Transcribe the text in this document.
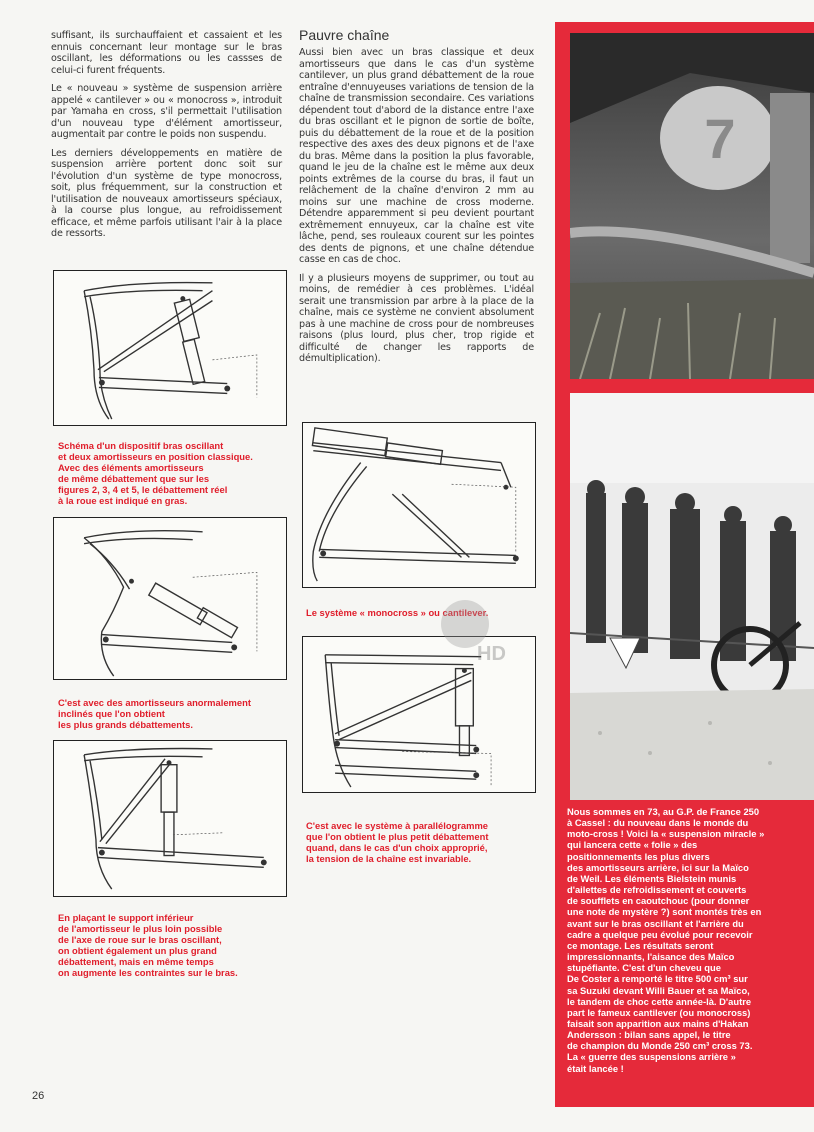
suffisant, ils surchauffaient et cassaient et les ennuis concernant leur montage sur le bras oscillant, les déformations ou les cassses de celui-ci furent fréquents.

Le « nouveau » système de suspension arrière appelé « cantilever » ou « monocross », introduit par Yamaha en cross, s'il permettait l'utilisation d'un nouveau type d'élément amortisseur, augmentait par contre le poids non suspendu.

Les derniers développements en matière de suspension arrière portent donc soit sur l'évolution d'un système de type monocross, soit, plus fréquemment, sur la construction et l'utilisation de nouveaux amortisseurs spéciaux, à la course plus longue, au refroidissement efficace, et même parfois utilisant l'air à la place de ressorts.

Schéma d'un dispositif bras oscillant
et deux amortisseurs en position classique.
Avec des éléments amortisseurs
de même débattement que sur les
figures 2, 3, 4 et 5, le débattement réel
à la roue est indiqué en gras.

C'est avec des amortisseurs anormalement
inclinés que l'on obtient
les plus grands débattements.

En plaçant le support inférieur
de l'amortisseur le plus loin possible
de l'axe de roue sur le bras oscillant,
on obtient également un plus grand
débattement, mais en même temps
on augmente les contraintes sur le bras.

Pauvre chaîne

Aussi bien avec un bras classique et deux amortisseurs que dans le cas d'un système cantilever, un plus grand débattement de la roue entraîne d'ennuyeuses variations de tension de la chaîne de transmission secondaire. Ces variations dépendent tout d'abord de la distance entre l'axe du bras oscillant et le pignon de sortie de boîte, puis du débattement de la roue et de la position respective des axes des deux pignons et de l'axe du bras. Même dans la position la plus favorable, quand le jeu de la chaîne est le même aux deux points extrêmes de la course du bras, il faut un relâchement de la chaîne d'environ 2 mm au moins sur une machine de cross moderne. Détendre apparemment si peu devient pourtant extrêmement ennuyeux, car la chaîne est vite lâche, pend, ses rouleaux courent sur les pointes des dents de pignons, et une chaîne détendue casse en cas de choc.

Il y a plusieurs moyens de supprimer, ou tout au moins, de remédier à ces problèmes. L'idéal serait une transmission par arbre à la place de la chaîne, mais ce système ne convient absolument pas à une machine de cross pour de nombreuses raisons (plus lourd, plus cher, trop rigide et difficulté de changer les rapports de démultiplication).

Le système « monocross » ou cantilever.

C'est avec le système à parallélogramme
que l'on obtient le plus petit débattement
quand, dans le cas d'un choix approprié,
la tension de la chaîne est invariable.

HD
7

Nous sommes en 73, au G.P. de France 250
à Cassel : du nouveau dans le monde du
moto-cross ! Voici la « suspension miracle »
qui lancera cette « folie » des
positionnements les plus divers
des amortisseurs arrière, ici sur la Maïco
de Weil. Les éléments Bielstein munis
d'ailettes de refroidissement et couverts
de soufflets en caoutchouc (pour donner
une note de mystère ?) sont montés très en
avant sur le bras oscillant et l'arrière du
cadre a quelque peu évolué pour recevoir
ce montage. Les résultats seront
impressionnants, l'aisance des Maïco
stupéfiante. C'est d'un cheveu que
De Coster a remporté le titre 500 cm³ sur
sa Suzuki devant Willi Bauer et sa Maïco,
le tandem de choc cette année-là. D'autre
part le fameux cantilever (ou monocross)
faisait son apparition aux mains d'Hakan
Andersson : bilan sans appel, le titre
de champion du Monde 250 cm³ cross 73.
La « guerre des suspensions arrière »
était lancée !

26
